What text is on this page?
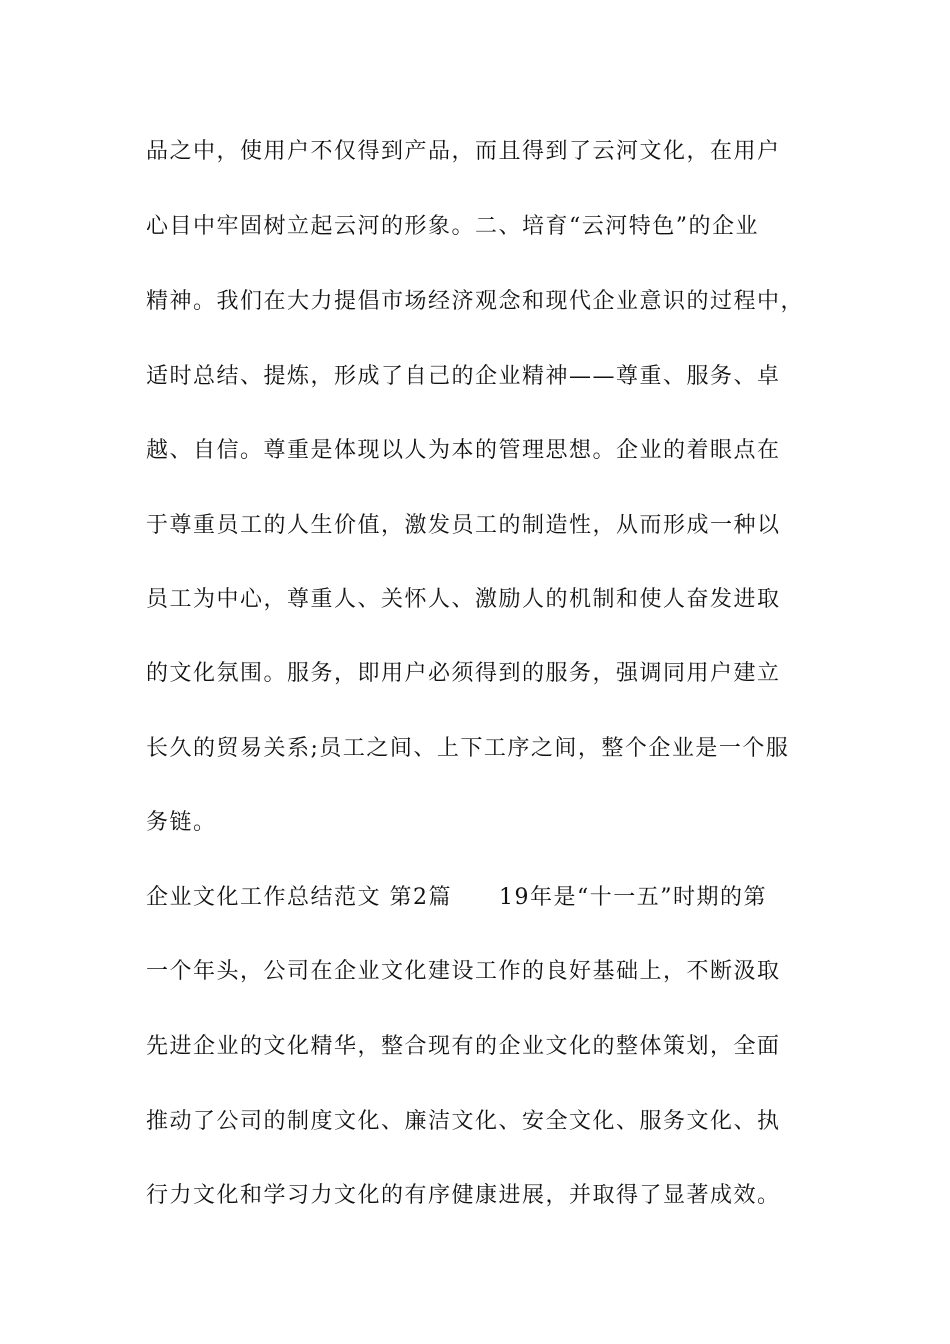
品之中，使用户不仅得到产品，而且得到了云河文化，在用户
心目中牢固树立起云河的形象。二、培育“云河特色”的企业
精神。我们在大力提倡市场经济观念和现代企业意识的过程中，
适时总结、提炼，形成了自己的企业精神——尊重、服务、卓
越、自信。尊重是体现以人为本的管理思想。企业的着眼点在
于尊重员工的人生价值，激发员工的制造性，从而形成一种以
员工为中心，尊重人、关怀人、激励人的机制和使人奋发进取
的文化氛围。服务，即用户必须得到的服务，强调同用户建立
长久的贸易关系;员工之间、上下工序之间，整个企业是一个服
务链。
企业文化工作总结范文 第2篇　　19年是“十一五”时期的第
一个年头，公司在企业文化建设工作的良好基础上，不断汲取
先进企业的文化精华，整合现有的企业文化的整体策划，全面
推动了公司的制度文化、廉洁文化、安全文化、服务文化、执
行力文化和学习力文化的有序健康进展，并取得了显著成效。
